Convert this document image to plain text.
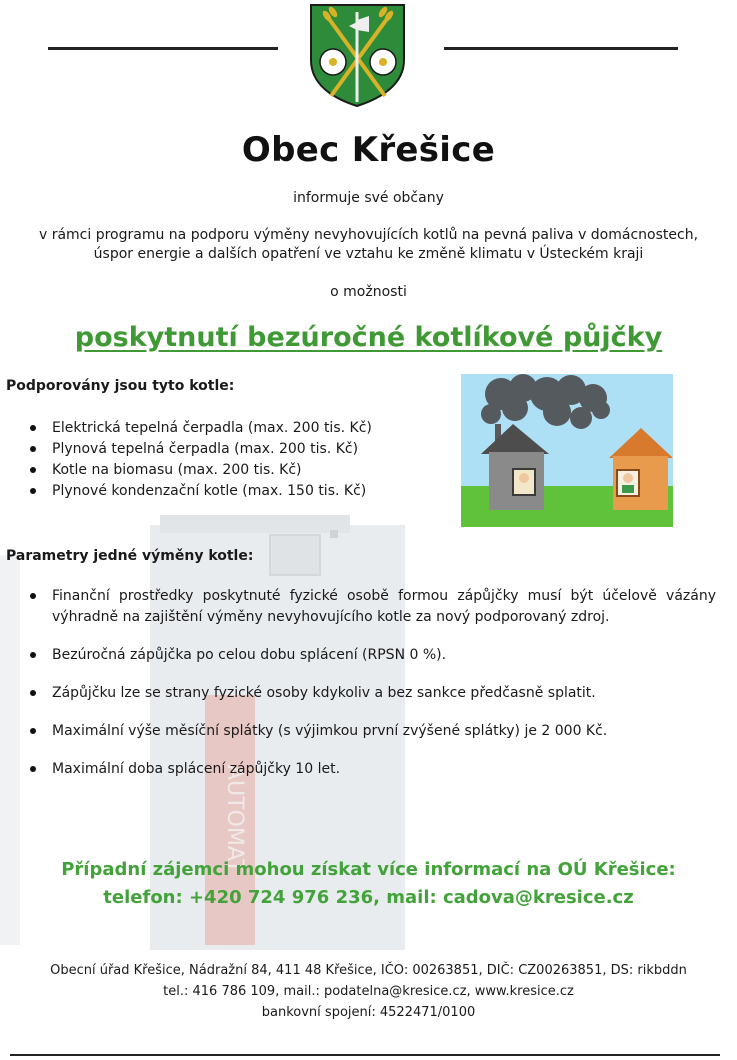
AUTOMAT
Obec Křešice
informuje své občany
v rámci programu na podporu výměny nevyhovujících kotlů na pevná paliva v domácnostech,
úspor energie a dalších opatření ve vztahu ke změně klimatu v Ústeckém kraji
o možnosti
poskytnutí bezúročné kotlíkové půjčky
Podporovány jsou tyto kotle:
Elektrická tepelná čerpadla (max. 200 tis. Kč)
Plynová tepelná čerpadla (max. 200 tis. Kč)
Kotle na biomasu (max. 200 tis. Kč)
Plynové kondenzační kotle (max. 150 tis. Kč)
Parametry jedné výměny kotle:
Finanční prostředky poskytnuté fyzické osobě formou zápůjčky musí být účelově vázány výhradně na zajištění výměny nevyhovujícího kotle za nový podporovaný zdroj.
Bezúročná zápůjčka po celou dobu splácení (RPSN 0 %).
Zápůjčku lze se strany fyzické osoby kdykoliv a bez sankce předčasně splatit.
Maximální výše měsíční splátky (s výjimkou první zvýšené splátky) je 2 000 Kč.
Maximální doba splácení zápůjčky 10 let.
Případní zájemci mohou získat více informací na OÚ Křešice:
telefon: +420 724 976 236, mail: cadova@kresice.cz
Obecní úřad Křešice, Nádražní 84, 411 48 Křešice, IČO: 00263851, DIČ: CZ00263851, DS: rikbddn
tel.: 416 786 109, mail.: podatelna@kresice.cz, www.kresice.cz
bankovní spojení: 4522471/0100
